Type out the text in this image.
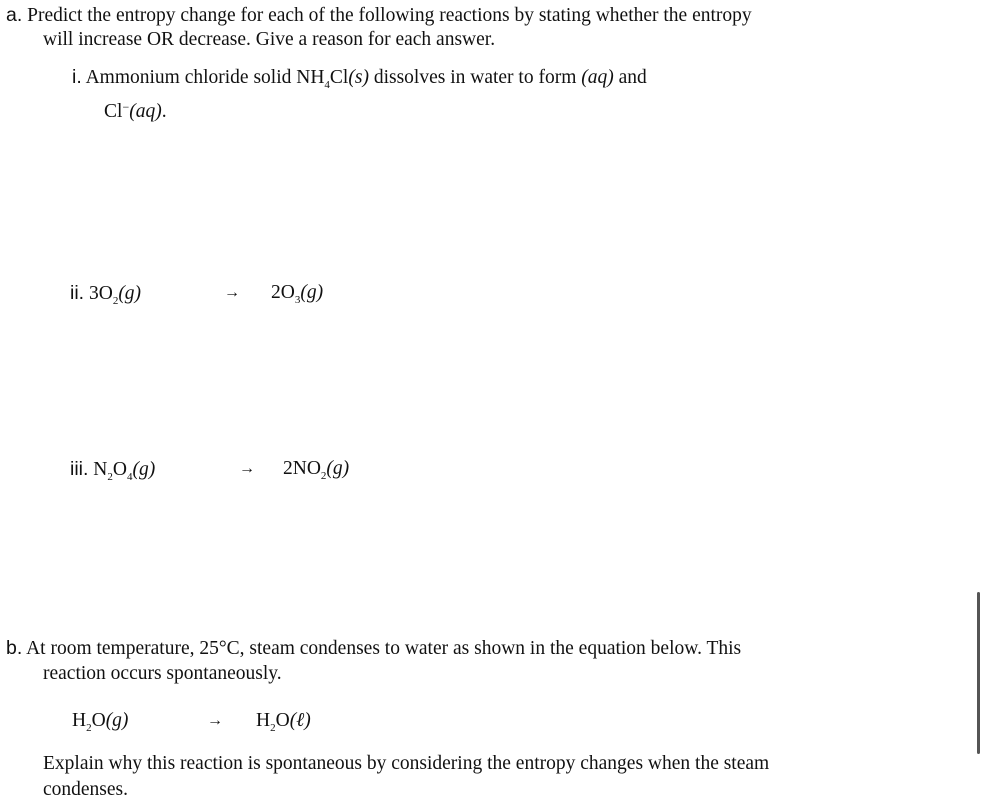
a. Predict the entropy change for each of the following reactions by stating whether the entropy
will increase OR decrease. Give a reason for each answer.
i. Ammonium chloride solid $NH_4Cl(s)$ dissolves in water to form (aq) and
Cl−(aq).
ii. $3O_2(g)$	→ $2O_3(g)$
iii. $N_2O_4(g)$	→ $2NO_2(g)$
b. At room temperature, 25°C, steam condenses to water as shown in the equation below. This
reaction occurs spontaneously.
$H_2O(g)$	→ $H_2O(\ell)$
Explain why this reaction is spontaneous by considering the entropy changes when the steam
condenses.
